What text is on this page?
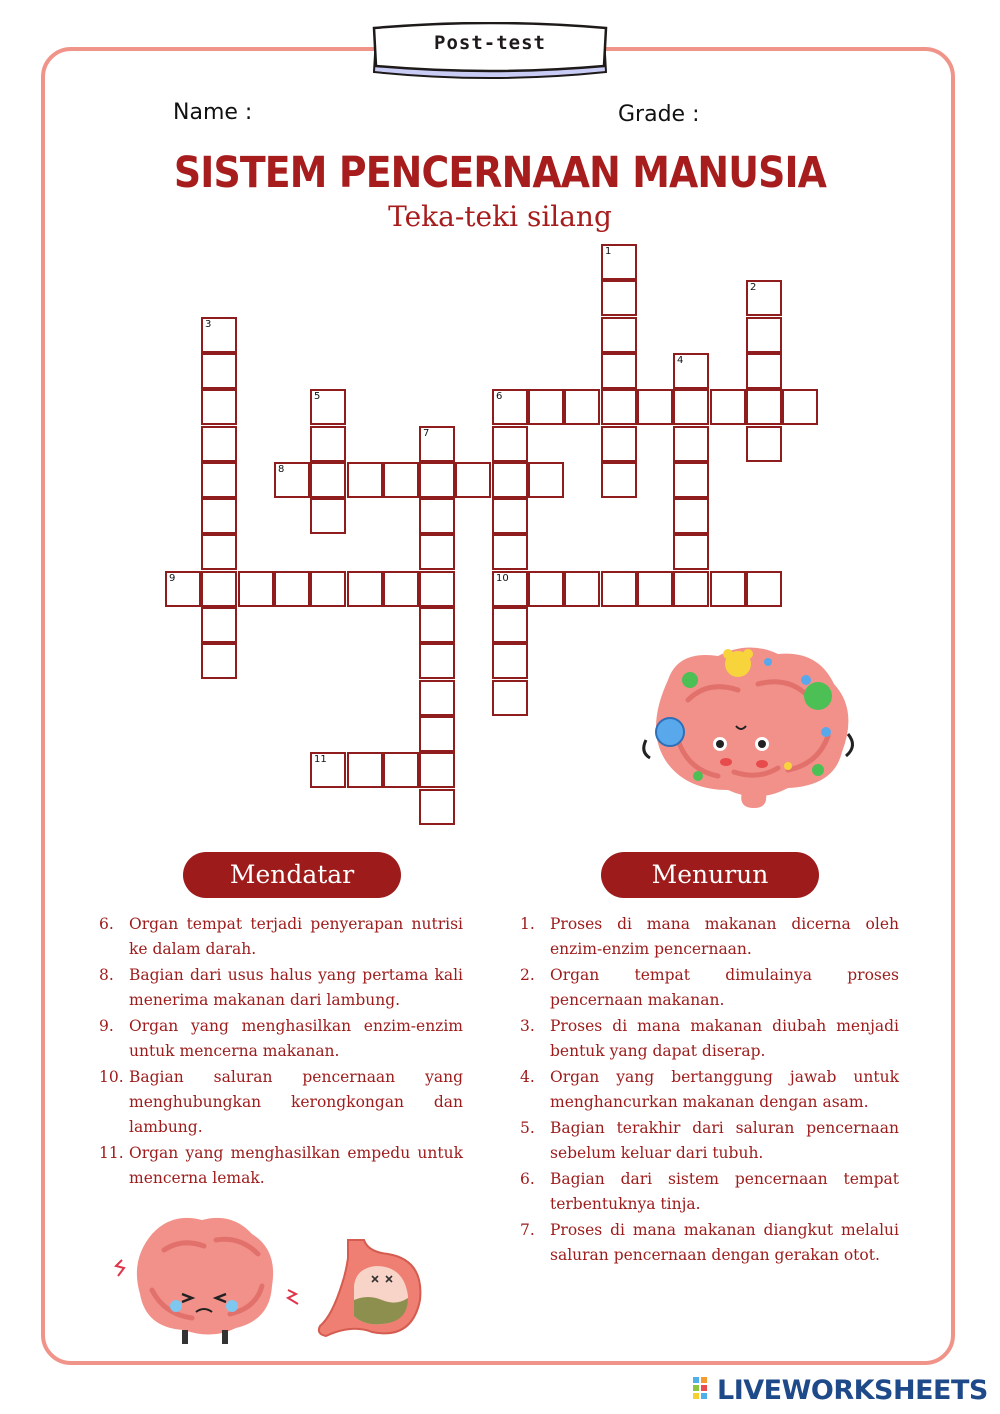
Post-test
Name :	Grade :
SISTEM PENCERNAAN MANUSIA
Teka-teki silang
1
2
3
4
5	6
10
7
8
9
11
Mendatar	Menurun
6. Organ tempat terjadi penyerapan nutrisi ke dalam darah.
8. Bagian dari usus halus yang pertama kali menerima makanan dari lambung.
9. Organ yang menghasilkan enzim-enzim untuk mencerna makanan.
10. Bagian saluran pencernaan yang menghubungkan kerongkongan dan lambung.
11. Organ yang menghasilkan empedu untuk mencerna lemak.
1. Proses di mana makanan dicerna oleh enzim-enzim pencernaan.
2. Organ tempat dimulainya proses pencernaan makanan.
3. Proses di mana makanan diubah menjadi bentuk yang dapat diserap.
4. Organ yang bertanggung jawab untuk menghancurkan makanan dengan asam.
5. Bagian terakhir dari saluran pencernaan sebelum keluar dari tubuh.
6. Bagian dari sistem pencernaan tempat terbentuknya tinja.
7. Proses di mana makanan diangkut melalui saluran pencernaan dengan gerakan otot.
LIVEWORKSHEETS
